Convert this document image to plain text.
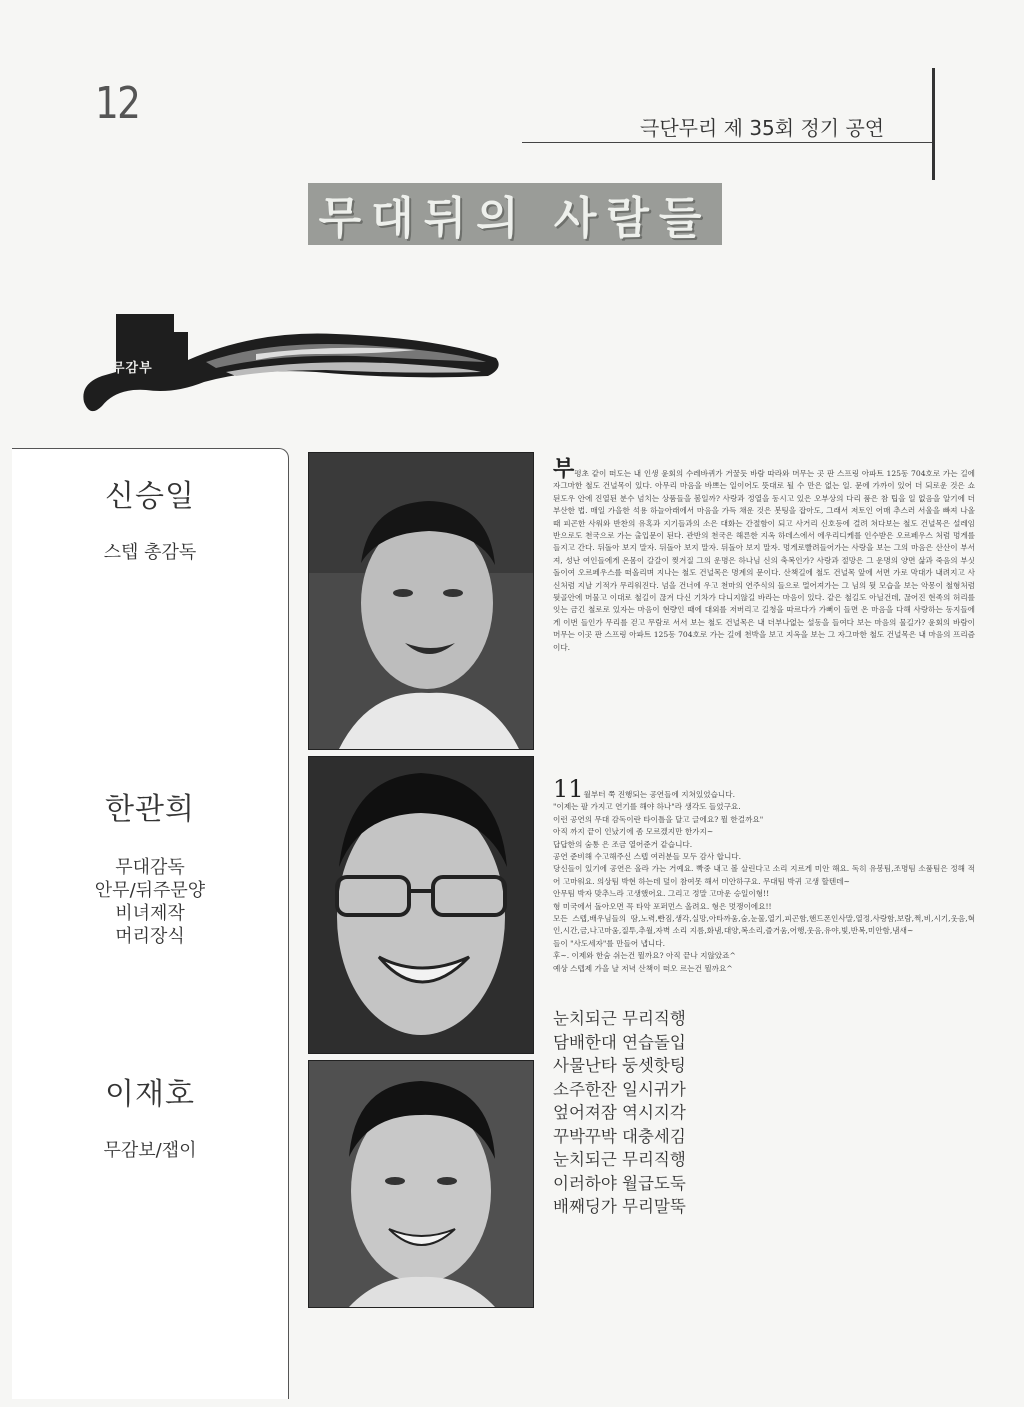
12	극단무리 제 35회 정기 공연
무대뒤의 사람들
무감부
신승일
스텝 총감독
한관희
무대감독
안무/뒤주문양
비녀제작
머리장식
이재호
무감보/잽이
부평초 같이 떠도는 내 인생 윤회의 수레바퀴가 거꿀듯 바람 따라와 머무는 곳 판 스프링 아파트 125동 704호로 가는 길에 자그마한 철도 건널목이 있다. 아무리 마음을 바쁘는 일이어도 뜻대로 될 수 만은 없는 일. 문에 가까이 있어 더 되로운 것은 쇼 된도우 안에 진열된 분수 넘치는 상품들을 봄일까? 사랑과 정열을 동시고 있은 오부상의 다리 품은 참 팁을 일 없음을 알기에 더 부산한 법. 매일 가을한 석용 하늘아래에서 마음을 가득 채운 것은 봇팅을 잡아도, 그래서 저토인 어매 추스러 서울을 빠져 나올 때 피곤한 사워와 반찬의 유혹과 지기들과의 소은 대화는 간절함이 되고 사거리 신호등에 걸려 쳐다보는 철도 건널목은 설레임 반으로도 천국으로 가는 출입문이 된다. 관반의 천국은 해른한 지옥 하데스에서 에우리디케를 인수받은 오르페우스 처럼 멍게를 들지고 간다. 뒤돌아 보지 말자. 뒤돌아 보지 말자. 뒤돌아 보지 말자. 멍게로빨려들어가는 사랑을 보는 그의 마음은 산산이 부서져, 성난 여인들에게 온몸이 갈갈이 찢겨질 그의 운명은 하나님 신의 축복인가? 사랑과 절망은 그 운명의 양면 삶과 죽음의 부싯돌이여 오르페우스를 떠올리며 지나는 철도 건널목은 명계의 문이다. 산책길에 철도 건널목 앞에 서면 가로 막대가 내려지고 사신처럼 지날 기적가 무리워진다. 넘을 건너에 우고 천마의 연주식의 들으로 멀어져가는 그 님의 뒷 모습을 보는 악몽이 철형처럼 뒷골안에 머물고 이대로 철길이 끊겨 다신 기차가 다니지않길 바라는 마음이 있다. 같은 철길도 아닐건데, 끊어진 현족의 허리를 잇는 금긴 철로로 있자는 마음이 현량인 때에 대외를 저버리고 길청을 따르다가 가뻐이 들면 온 마음을 다해 사랑하는 동지들에게 이번 들인가 무리를 걷고 무람로 서서 보는 철도 건널목은 내 더부나없는 설동을 들여다 보는 마음의 물길가? 윤회의 바람이 머무는 이곳 판 스프링 아파트 125동 704호로 가는 길에 천박을 보고 지옥을 보는 그 자그마한 철도 건널목은 내 마음의 프리즘이다.
11월부터 쭉 진행되는 공연들에 지쳐있었습니다.
"이제는 팔 가지고 연기를 해야 하나"라 생각도 들었구요.
이런 공연의 무대 감독이란 타이틀을 달고 글에요? 뭘 한걸까요"
아직 까지 끝이 인났기에 좀 모르겠지만 한가지~
답답한의 숨통 은 조금 열어준거 같습니다.
공연 준비해 수고해주신 스텝 여러분들 모두 감사 합니다.
당신들이 있기에 공연은 올라 가는 거예요. 빡중 내고 볼 살린다고 소리 지르게 미안 해요. 독히 유봉팀,조명팀 소품팀은 정해 적어 고마워요. 의상팀 박현 하는데 덮이 참여못 해서 미안하구요. 무대팀 박귀 고생 할텐데~
안무팀 박자 맞추느라 고생했어요. 그리고 정말 고마운 승일이형!!
형 미국에서 돌아오면 꼭 타악 포퍼먼스 올려요. 형은 멋쟁이에요!!
모든 스텝,배우님들의 땀,노력,빤짐,생각,실망,아타까움,숨,눈물,열기,피곤함,핸드폰인사말,열정,사랑함,보람,쩍,비,시기,웃음,혁인,시간,금,나고마움,질투,추월,자벽 소리 지름,화냄,대양,복소리,즐거움,어행,웃음,유야,빛,반복,미안함,냄새~
들이 "사도세자"를 만들어 냅니다.
후~. 이제와 한숨 쉬는건 뭘까요? 아직 끝나 지않았죠^
예상 스텝제 가을 날 저녁 산책이 떠오 르는건 뭘까요^
눈치되근 무리직행
담배한대 연습돌입
사물난타 둥셋핫팅
소주한잔 일시귀가
엎어져잠 역시지각
꾸박꾸박 대충세김
눈치되근 무리직행
이러하야 월급도둑
배째딩가 무리말뚝
